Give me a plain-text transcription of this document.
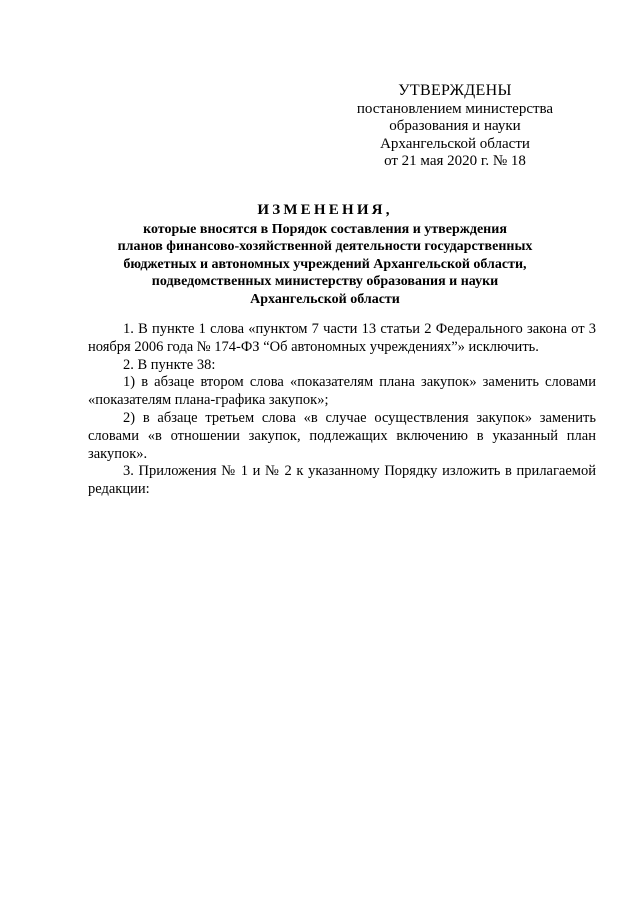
УТВЕРЖДЕНЫ
постановлением министерства
образования и науки
Архангельской области
от 21 мая 2020 г. № 18
ИЗМЕНЕНИЯ,
которые вносятся в Порядок составления и утверждения
планов финансово-хозяйственной деятельности государственных
бюджетных и автономных учреждений Архангельской области,
подведомственных министерству образования и науки
Архангельской области

1. В пункте 1 слова «пунктом 7 части 13 статьи 2 Федерального закона от 3 ноября 2006 года № 174-ФЗ “Об автономных учреждениях”» исключить.

2. В пункте 38:

1) в абзаце втором слова «показателям плана закупок» заменить словами «показателям плана-графика закупок»;

2) в абзаце третьем слова «в случае осуществления закупок» заменить словами «в отношении закупок, подлежащих включению в указанный план закупок».

3. Приложения № 1 и № 2 к указанному Порядку изложить в прилагаемой редакции:
